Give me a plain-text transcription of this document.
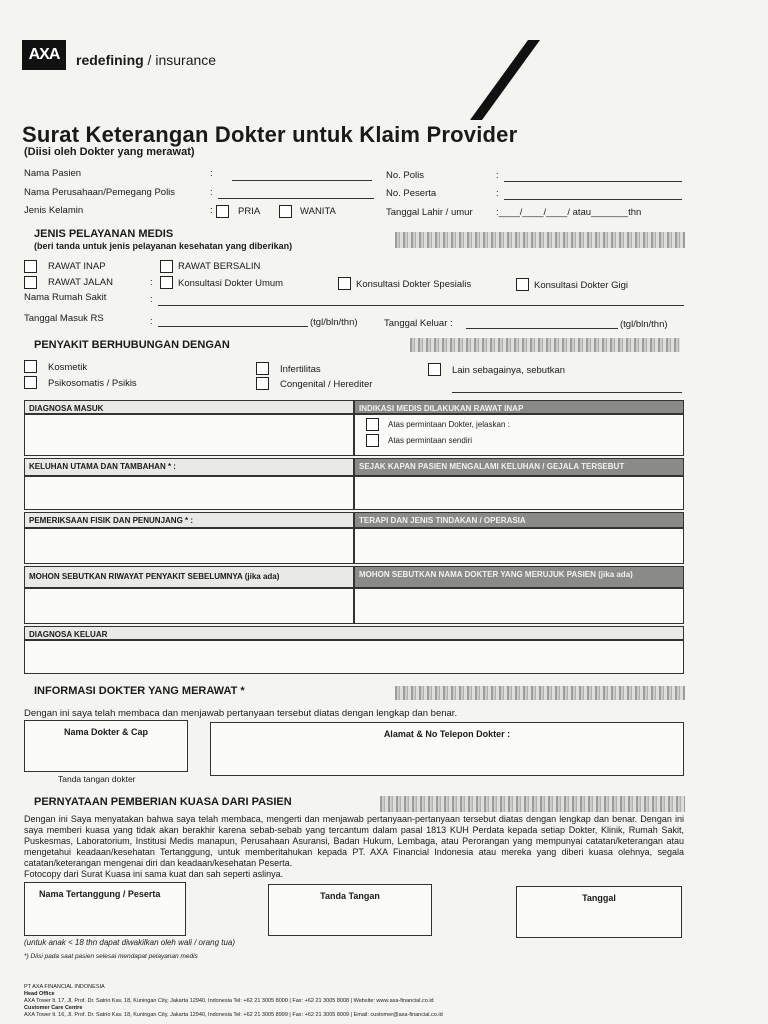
AXA redefining / insurance
Surat Keterangan Dokter untuk Klaim Provider
(Diisi oleh Dokter yang merawat)
Nama Pasien	:
Nama Perusahaan/Pemegang Polis	:
Jenis Kelamin	:	PRIA	WANITA
No. Polis	:
No. Peserta	:
Tanggal Lahir / umur :____/____/____/ atau_______thn
JENIS PELAYANAN MEDIS
(beri tanda untuk jenis pelayanan kesehatan yang diberikan)
RAWAT INAP	RAWAT BERSALIN
RAWAT JALAN	:	Konsultasi Dokter Umum	Konsultasi Dokter Spesialis	Konsultasi Dokter Gigi
Nama Rumah Sakit	:
Tanggal Masuk RS	:	(tgl/bln/thn)	Tanggal Keluar :	(tgl/bln/thn)
PENYAKIT BERHUBUNGAN DENGAN
Kosmetik
Psikosomatis / Psikis
Infertilitas
Congenital / Herediter
Lain sebagainya, sebutkan
DIAGNOSA MASUK	INDIKASI MEDIS DILAKUKAN RAWAT INAP
Atas permintaan Dokter, jelaskan :
Atas permintaan sendiri
KELUHAN UTAMA DAN TAMBAHAN * :	SEJAK KAPAN PASIEN MENGALAMI KELUHAN / GEJALA TERSEBUT
PEMERIKSAAN FISIK DAN PENUNJANG * :	TERAPI DAN JENIS TINDAKAN / OPERASIA
MOHON SEBUTKAN RIWAYAT PENYAKIT SEBELUMNYA (jika ada)	MOHON SEBUTKAN NAMA DOKTER YANG MERUJUK PASIEN (jika ada)
DIAGNOSA KELUAR
INFORMASI DOKTER YANG MERAWAT *
Dengan ini saya telah membaca dan menjawab pertanyaan tersebut diatas dengan lengkap dan benar.
Nama Dokter & Cap	Alamat & No Telepon Dokter :
Tanda tangan dokter
PERNYATAAN PEMBERIAN KUASA DARI PASIEN
Dengan ini Saya menyatakan bahwa saya telah membaca, mengerti dan menjawab pertanyaan-pertanyaan tersebut diatas dengan lengkap dan benar. Dengan ini saya memberi kuasa yang tidak akan berakhir karena sebab-sebab yang tercantum dalam pasal 1813 KUH Perdata kepada setiap Dokter, Klinik, Rumah Sakit, Puskesmas, Laboratorium, Institusi Medis manapun, Perusahaan Asuransi, Badan Hukum, Lembaga, atau Perorangan yang mempunyai catatan/keterangan atau mengetahui keadaan/kesehatan Tertanggung, untuk memberitahukan kepada PT. AXA Financial Indonesia atau mereka yang diberi kuasa olehnya, segala catatan/keterangan mengenai diri dan keadaan/kesehatan Peserta.
Fotocopy dari Surat Kuasa ini sama kuat dan sah seperti aslinya.
Nama Tertanggung / Peserta	Tanda Tangan	Tanggal
(untuk anak < 18 thn dapat diwakilkan oleh wali / orang tua)
*) Diisi pada saat pasien selesai mendapat pelayanan medis
PT AXA FINANCIAL INDONESIA
Head Office
AXA Tower lt. 17, Jl. Prof. Dr. Satrio Kav. 18, Kuningan City, Jakarta 12940, Indonesia Tel: +62 21 3005 8000 | Fax: +62 21 3005 8008 | Website: www.axa-financial.co.id
Customer Care Centre
AXA Tower lt. 16, Jl. Prof. Dr. Satrio Kav. 18, Kuningan City, Jakarta 12940, Indonesia Tel: +62 21 3005 8999 | Fax: +62 21 3005 8009 | Email: customer@axa-financial.co.id
